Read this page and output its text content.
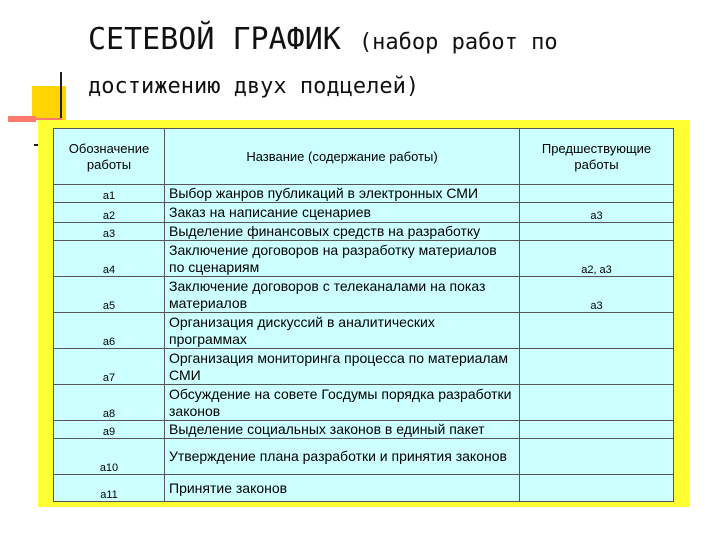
СЕТЕВОЙ ГРАФИК (набор работ по
достижению двух подцелей)
Обозначение работы	Название (содержание работы)	Предшествующие работы
а1	Выбор жанров публикаций в электронных СМИ	
а2	Заказ на написание сценариев	а3
а3	Выделение финансовых средств на разработку	
а4	Заключение договоров на разработку материалов по сценариям	а2, а3
а5	Заключение договоров с телеканалами на показ материалов	а3
а6	Организация дискуссий в аналитических программах	
а7	Организация мониторинга процесса по материалам СМИ	
а8	Обсуждение на совете Госдумы порядка разработки законов	
а9	Выделение социальных законов в единый пакет	
а10	Утверждение плана разработки и принятия законов	
а11	Принятие законов	
